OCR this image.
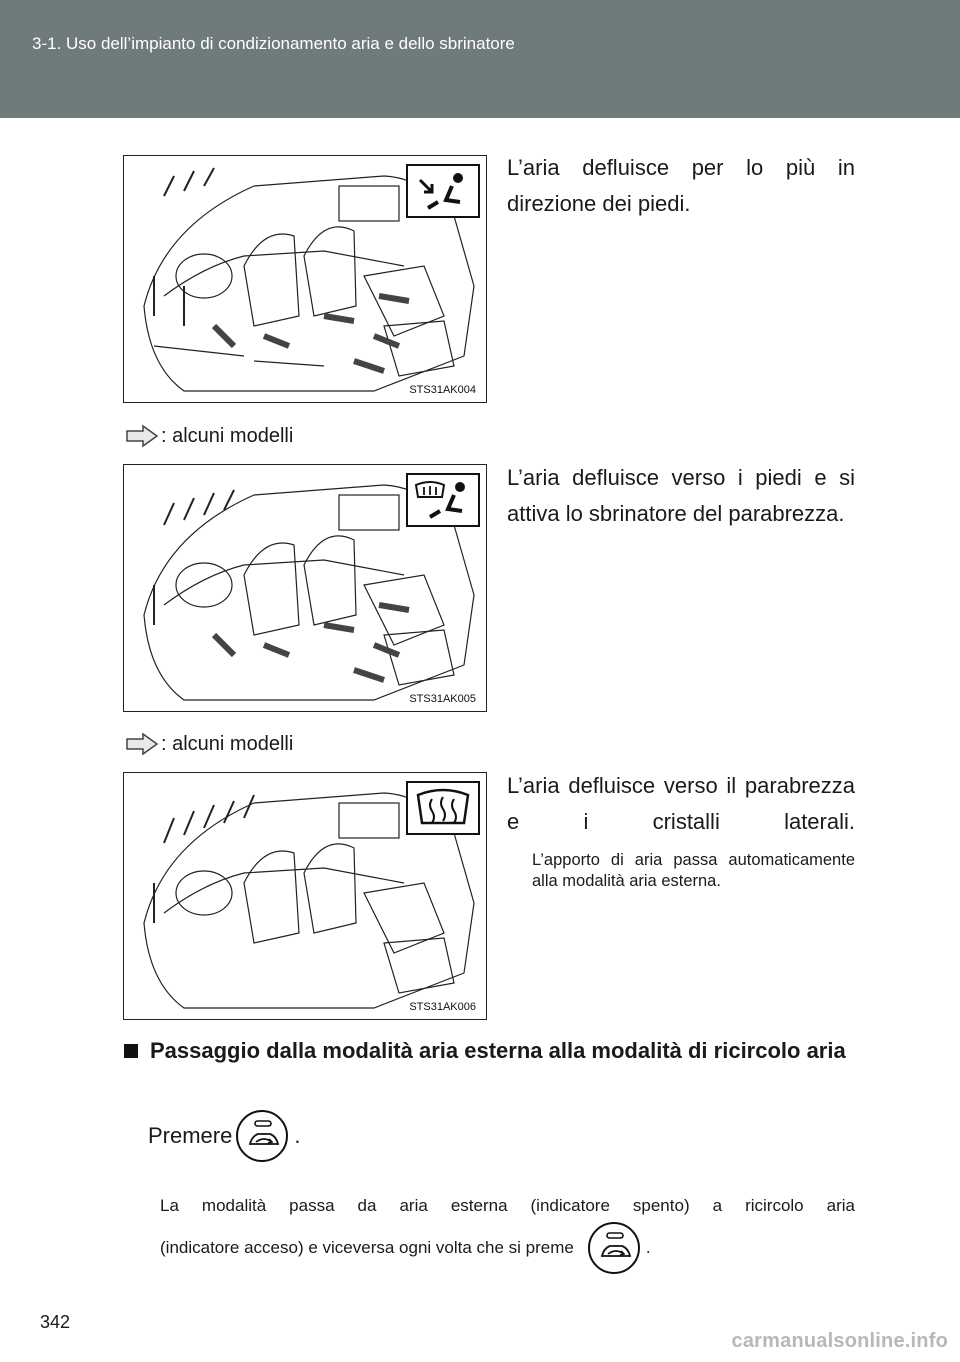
3-1. Uso dell’impianto di condizionamento aria e dello sbrinatore
STS31AK004
L’aria defluisce per lo più in direzione dei piedi.
: alcuni modelli
STS31AK005
L’aria defluisce verso i piedi e si attiva lo sbrinatore del parabrezza.
: alcuni modelli
STS31AK006
L’aria defluisce verso il parabrezza e i cristalli laterali.
L’apporto di aria passa automaticamente alla modalità aria esterna.
Passaggio dalla modalità aria esterna alla modalità di ricircolo aria
Premere	.
La modalità passa da aria esterna (indicatore spento) a ricircolo aria
(indicatore acceso) e viceversa ogni volta che si preme	.
342
carmanualsonline.info
